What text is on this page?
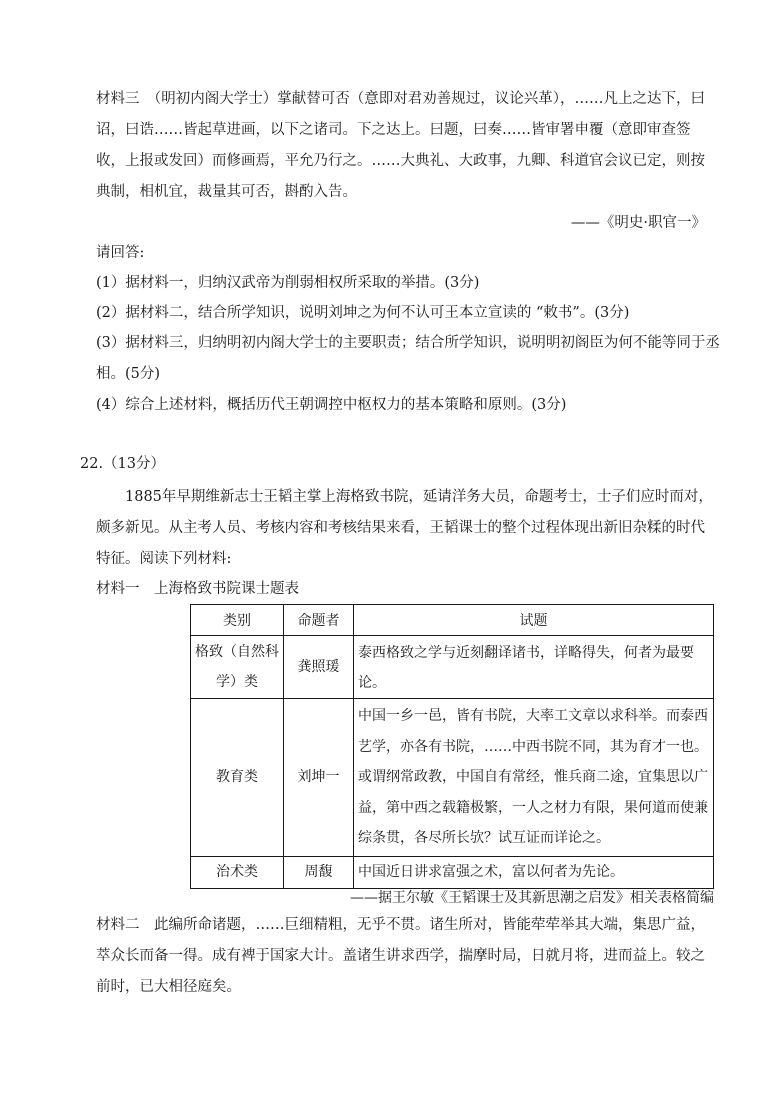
材料三　（明初内阁大学士）掌献替可否（意即对君劝善规过，议论兴革），……凡上之达下，曰诏，曰诰……皆起草进画，以下之诸司。下之达上。曰题，曰奏……皆审署申覆（意即审查签收，上报或发回）而修画焉，平允乃行之。……大典礼、大政事，九卿、科道官会议已定，则按典制，相机宜，裁量其可否，斟酌入告。

——《明史·职官一》
请回答:
(1）据材料一，归纳汉武帝为削弱相权所采取的举措。(3分)
(2）据材料二，结合所学知识，说明刘坤之为何不认可王本立宣读的 “敕书”。(3分)
(3）据材料三，归纳明初内阁大学士的主要职责；结合所学知识，说明明初阁臣为何不能等同于丞相。(5分)
(4）综合上述材料，概括历代王朝调控中枢权力的基本策略和原则。(3分)
22.（13分）

1885年早期维新志士王韬主掌上海格致书院，延请洋务大员，命题考士，士子们应时而对，颇多新见。从主考人员、考核内容和考核结果来看，王韬课士的整个过程体现出新旧杂糅的时代特征。阅读下列材料:

材料一　上海格致书院课士题表
类别	命题者	试题
格致（自然科学）类	龚照瑗	泰西格致之学与近刻翻译诸书，详略得失，何者为最要论。
教育类	刘坤一	中国一乡一邑，皆有书院，大率工文章以求科举。而泰西艺学，亦各有书院，……中西书院不同，其为育才一也。或谓纲常政教，中国自有常经，惟兵商二途，宜集思以广益，第中西之载籍极繁，一人之材力有限，果何道而使兼综条贯，各尽所长欤？试互证而详论之。
治术类	周馥	中国近日讲求富强之术，富以何者为先论。
——据王尔敏《王韬课士及其新思潮之启发》相关表格简编

材料二　此编所命诸题，……巨细精粗，无乎不贯。诸生所对，皆能荦荦举其大端，集思广益，萃众长而备一得。成有裨于国家大计。盖诸生讲求西学，揣摩时局，日就月将，进而益上。较之前时，已大相径庭矣。
